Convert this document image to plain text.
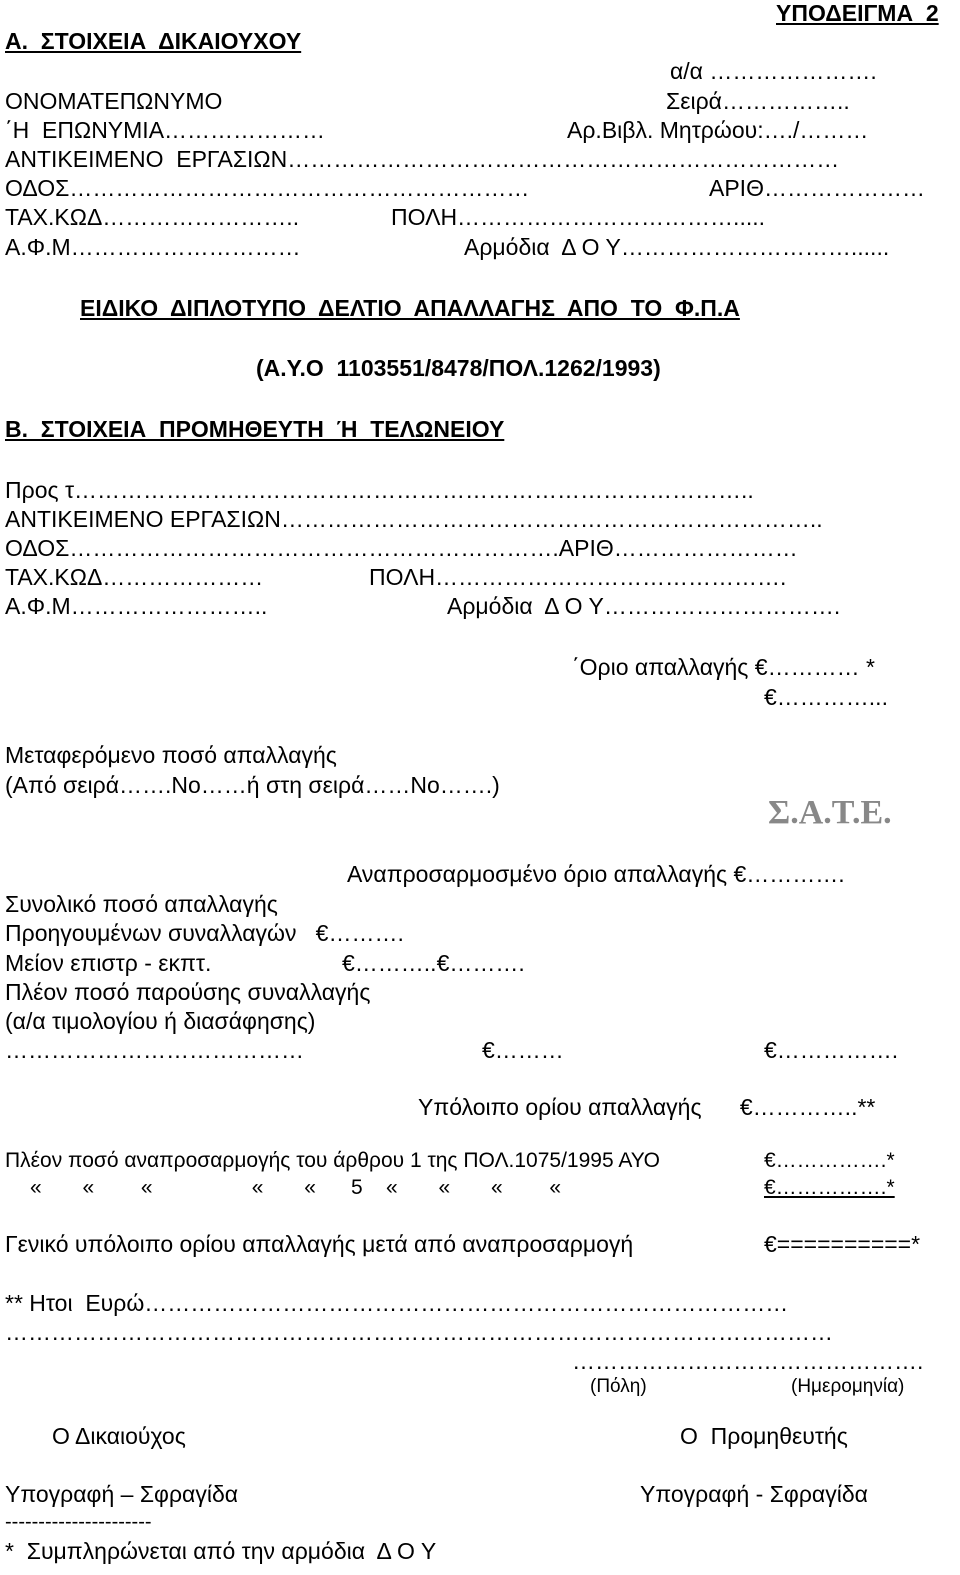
ΥΠΟΔΕΙΓΜΑ  2
Α.  ΣΤΟΙΧΕΙΑ  ΔΙΚΑΙΟΥΧΟΥ
α/α ………………….
ΟΝΟΜΑΤΕΠΩΝΥΜΟ	Σειρά……………..
΄Η  ΕΠΩΝΥΜΙΑ…………………	Αρ.Βιβλ. Μητρώου:…./………
ΑΝΤΙΚΕΙΜΕΝΟ  ΕΡΓΑΣΙΩΝ………………………………………………………………
ΟΔΟΣ……………………………………………………	ΑΡΙΘ…………………
ΤΑΧ.ΚΩΔ……………………..	ΠΟΛΗ……………………………….....
Α.Φ.Μ…………………………	Αρμόδια  Δ Ο Υ…………………………......
ΕΙΔΙΚΟ  ΔΙΠΛΟΤΥΠΟ  ΔΕΛΤΙΟ  ΑΠΑΛΛΑΓΗΣ  ΑΠΟ  ΤΟ  Φ.Π.Α
(Α.Υ.Ο  1103551/8478/ΠΟΛ.1262/1993)
Β.  ΣΤΟΙΧΕΙΑ  ΠΡΟΜΗΘΕΥΤΗ  Ή  ΤΕΛΩΝΕΙΟΥ
Προς τ……………………………………………………………………………..
ΑΝΤΙΚΕΙΜΕΝΟ ΕΡΓΑΣΙΩΝ……………………………………………………………..
ΟΔΟΣ……………………………………………………….ΑΡΙΘ……………………
ΤΑΧ.ΚΩΔ…………………	ΠΟΛΗ……………………………………….
Α.Φ.Μ……………………..	Αρμόδια  Δ Ο Υ………………………….
΄Οριο απαλλαγής €………… *
€…………...
Μεταφερόμενο ποσό απαλλαγής
(Από σειρά…….Νο……ή στη σειρά……Νο…….)
Σ.Α.Τ.Ε.
Αναπροσαρμοσμένο όριο απαλλαγής €………….
Συνολικό ποσό απαλλαγής
Προηγουμένων συναλλαγών   €……….
Μείον επιστρ - εκπτ.	€………..€……….
Πλέον ποσό παρούσης συναλλαγής
(α/α τιμολογίου ή διασάφησης)
…………………………………	€………	€…………….
Υπόλοιπο ορίου απαλλαγής      €…………..**
Πλέον ποσό αναπροσαρμογής του άρθρου 1 της ΠΟΛ.1075/1995 ΑΥΟ	€…………….*
«       «        «                 «       «      5    «       «       «        «	€…………….*
Γενικό υπόλοιπο ορίου απαλλαγής μετά από αναπροσαρμογή	€==========*
** Ητοι  Ευρώ…………………………………………………………………………
………………………………………………………………………………………………
……………………………………….
(Πόλη)	(Ημερομηνία)
Ο Δικαιούχος	Ο  Προμηθευτής
Υπογραφή – Σφραγίδα	Υπογραφή - Σφραγίδα
----------------------
*  Συμπληρώνεται από την αρμόδια  Δ Ο Υ
